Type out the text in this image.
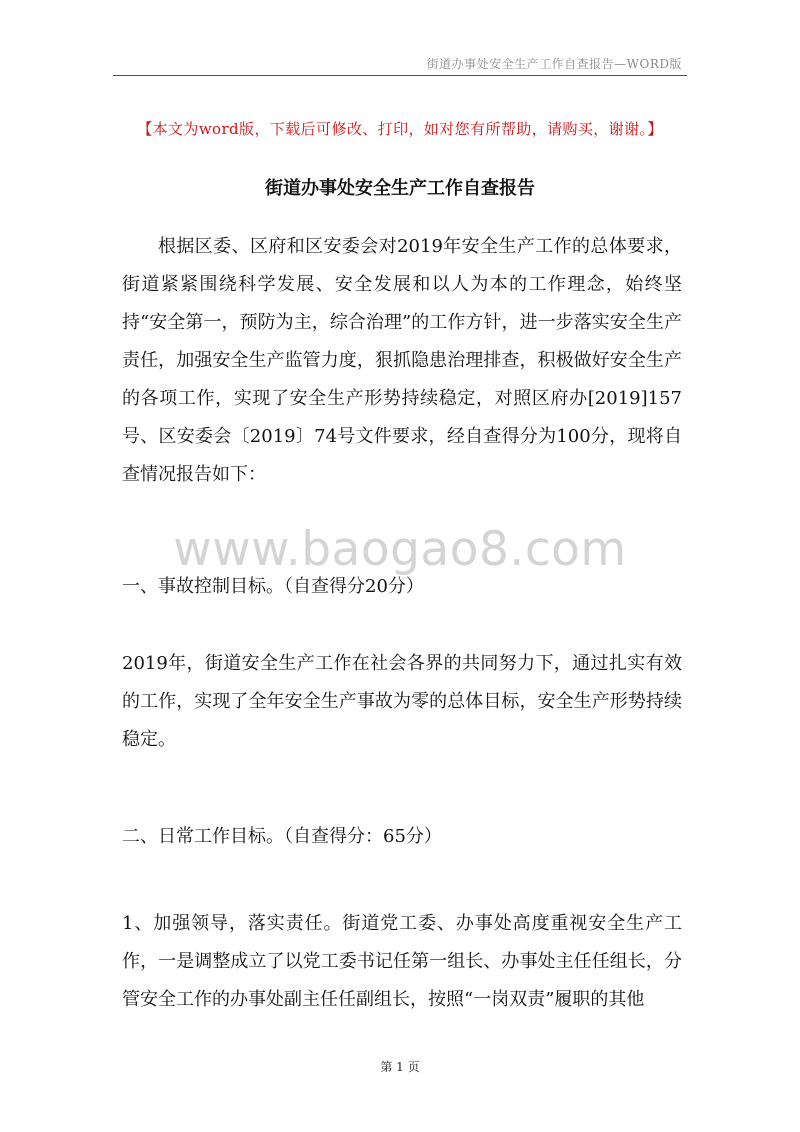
街道办事处安全生产工作自查报告—WORD版
【本文为word版，下载后可修改、打印，如对您有所帮助，请购买，谢谢。】
街道办事处安全生产工作自查报告

根据区委、区府和区安委会对2019年安全生产工作的总体要求，街道紧紧围绕科学发展、安全发展和以人为本的工作理念，始终坚持“安全第一，预防为主，综合治理”的工作方针，进一步落实安全生产责任，加强安全生产监管力度，狠抓隐患治理排查，积极做好安全生产的各项工作，实现了安全生产形势持续稳定，对照区府办[2019]157号、区安委会〔2019〕74号文件要求，经自查得分为100分，现将自查情况报告如下：

www.baogao8.com
一、事故控制目标。（自查得分20分）

2019年，街道安全生产工作在社会各界的共同努力下，通过扎实有效的工作，实现了全年安全生产事故为零的总体目标，安全生产形势持续稳定。

二、日常工作目标。（自查得分：65分）

1、加强领导，落实责任。街道党工委、办事处高度重视安全生产工作，一是调整成立了以党工委书记任第一组长、办事处主任任组长，分管安全工作的办事处副主任任副组长，按照“一岗双责”履职的其他

第 1 页
